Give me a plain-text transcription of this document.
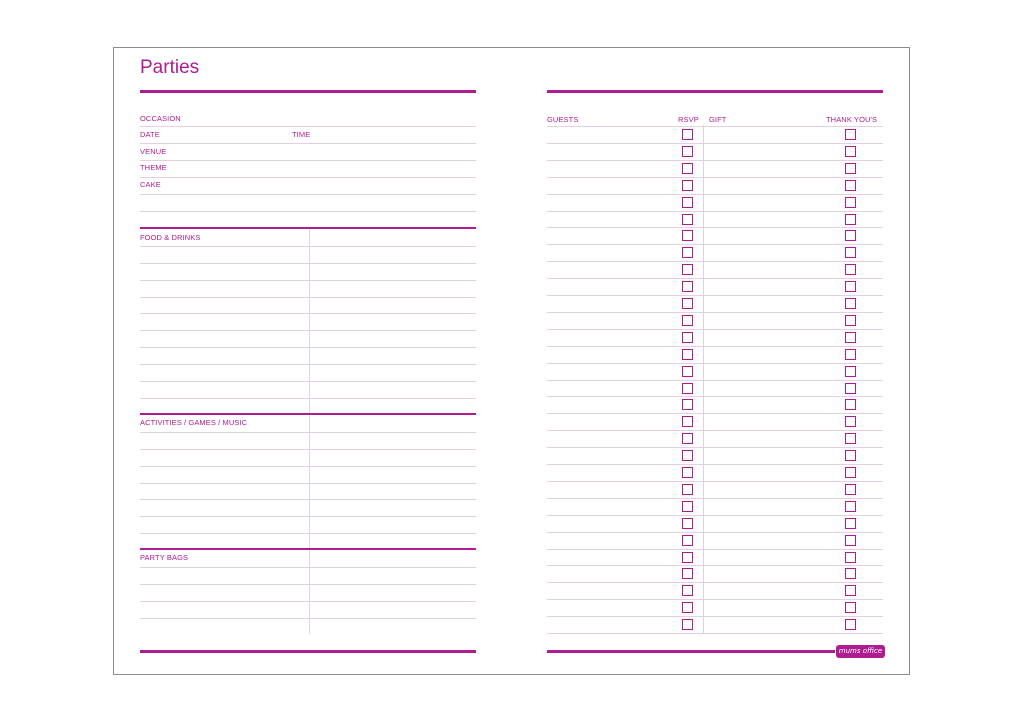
Parties
OCCASION
DATE	TIME
VENUE
THEME
CAKE
FOOD & DRINKS
ACTIVITIES / GAMES / MUSIC
PARTY BAGS
GUESTS	RSVP GIFT	THANK YOU'S
mums office
